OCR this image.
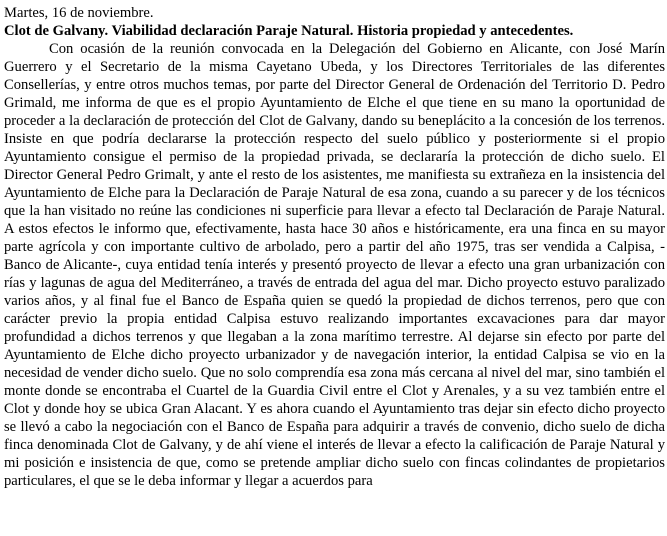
Martes, 16 de noviembre.

Clot de Galvany. Viabilidad declaración Paraje Natural. Historia propiedad y antecedentes.

Con ocasión de la reunión convocada en la Delegación del Gobierno en Alicante, con José Marín Guerrero y el Secretario de la misma Cayetano Ubeda, y los Directores Territoriales de las diferentes Consellerías, y entre otros muchos temas, por parte del Director General de Ordenación del Territorio D. Pedro Grimald, me informa de que es el propio Ayuntamiento de Elche el que tiene en su mano la oportunidad de proceder a la declaración de protección del Clot de Galvany, dando su beneplácito a la concesión de los terrenos. Insiste en que podría declararse la protección respecto del suelo público y posteriormente si el propio Ayuntamiento consigue el permiso de la propiedad privada, se declararía la protección de dicho suelo. El Director General Pedro Grimalt, y ante el resto de los asistentes, me manifiesta su extrañeza en la insistencia del Ayuntamiento de Elche para la Declaración de Paraje Natural de esa zona, cuando a su parecer y de los técnicos que la han visitado no reúne las condiciones ni superficie para llevar a efecto tal Declaración de Paraje Natural. A estos efectos le informo que, efectivamente, hasta hace 30 años e históricamente, era una finca en su mayor parte agrícola y con importante cultivo de arbolado, pero a partir del año 1975, tras ser vendida a Calpisa, -Banco de Alicante-, cuya entidad tenía interés y presentó proyecto de llevar a efecto una gran urbanización con rías y lagunas de agua del Mediterráneo, a través de entrada del agua del mar. Dicho proyecto estuvo paralizado varios años, y al final fue el Banco de España quien se quedó la propiedad de dichos terrenos, pero que con carácter previo la propia entidad Calpisa estuvo realizando importantes excavaciones para dar mayor profundidad a dichos terrenos y que llegaban a la zona marítimo terrestre. Al dejarse sin efecto por parte del Ayuntamiento de Elche dicho proyecto urbanizador y de navegación interior, la entidad Calpisa se vio en la necesidad de vender dicho suelo. Que no solo comprendía esa zona más cercana al nivel del mar, sino también el monte donde se encontraba el Cuartel de la Guardia Civil entre el Clot y Arenales, y a su vez también entre el Clot y donde hoy se ubica Gran Alacant. Y es ahora cuando el Ayuntamiento tras dejar sin efecto dicho proyecto se llevó a cabo la negociación con el Banco de España para adquirir a través de convenio, dicho suelo de dicha finca denominada Clot de Galvany, y de ahí viene el interés de llevar a efecto la calificación de Paraje Natural y mi posición e insistencia de que, como se pretende ampliar dicho suelo con fincas colindantes de propietarios particulares, el que se le deba informar y llegar a acuerdos para
